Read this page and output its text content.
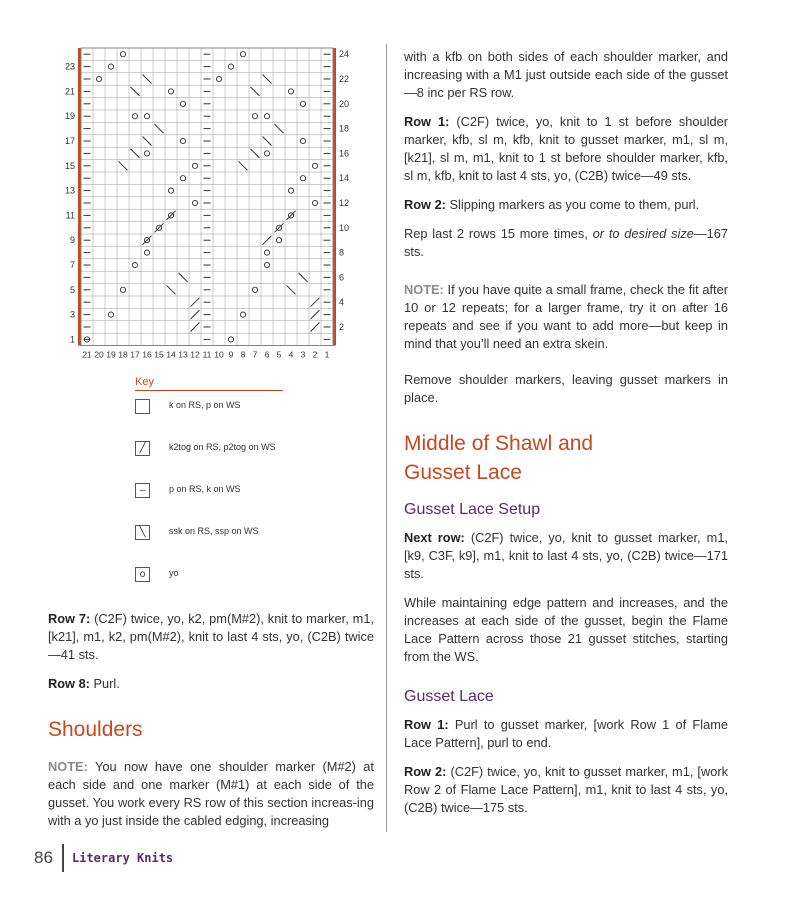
23
21
19
17
15
13
11
9
7
5
3
1
24
22
20
18
16
14
12
10
8
6
4
2
21 20 19 18 17 16 15 14 13 12 11 10 9 8 7 6 5 4 3 2 1
Key
k on RS, p on WS
╱	k2tog on RS, p2tog on WS
–	p on RS, k on WS
╲	ssk on RS, ssp on WS
o	yo

Row 7: (C2F) twice, yo, k2, pm(M#2), knit to marker, m1, [k21], m1, k2, pm(M#2), knit to last 4 sts, yo, (C2B) twice—41 sts.

Row 8: Purl.

Shoulders

NOTE: You now have one shoulder marker (M#2) at each side and one marker (M#1) at each side of the gusset. You work every RS row of this section increas-ing with a yo just inside the cabled edging, increasing

with a kfb on both sides of each shoulder marker, and increasing with a M1 just outside each side of the gusset—8 inc per RS row.

Row 1: (C2F) twice, yo, knit to 1 st before shoulder marker, kfb, sl m, kfb, knit to gusset marker, m1, sl m, [k21], sl m, m1, knit to 1 st before shoulder marker, kfb, sl m, kfb, knit to last 4 sts, yo, (C2B) twice—49 sts.

Row 2: Slipping markers as you come to them, purl.

Rep last 2 rows 15 more times, or to desired size—167 sts.

NOTE: If you have quite a small frame, check the fit after 10 or 12 repeats; for a larger frame, try it on after 16 repeats and see if you want to add more—but keep in mind that you’ll need an extra skein.

Remove shoulder markers, leaving gusset markers in place.

Middle of Shawl and Gusset Lace
Gusset Lace Setup

Next row: (C2F) twice, yo, knit to gusset marker, m1, [k9, C3F, k9], m1, knit to last 4 sts, yo, (C2B) twice—171 sts.

While maintaining edge pattern and increases, and the increases at each side of the gusset, begin the Flame Lace Pattern across those 21 gusset stitches, starting from the WS.

Gusset Lace

Row 1: Purl to gusset marker, [work Row 1 of Flame Lace Pattern], purl to end.

Row 2: (C2F) twice, yo, knit to gusset marker, m1, [work Row 2 of Flame Lace Pattern], m1, knit to last 4 sts, yo, (C2B) twice—175 sts.

86 Literary Knits
